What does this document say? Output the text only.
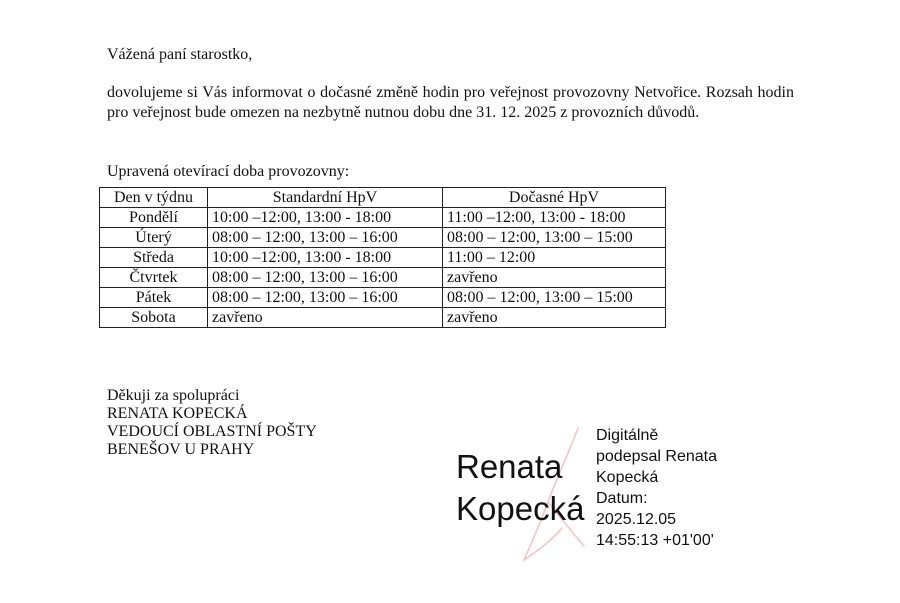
Vážená paní starostko,

dovolujeme si Vás informovat o dočasné změně hodin pro veřejnost provozovny Netvořice. Rozsah hodin pro veřejnost bude omezen na nezbytně nutnou dobu dne 31. 12. 2025 z provozních důvodů.

Upravená otevírací doba provozovny:

Den v týdnu	Standardní HpV	Dočasné HpV
Pondělí	10:00 –12:00, 13:00 - 18:00	11:00 –12:00, 13:00 - 18:00
Úterý	08:00 – 12:00, 13:00 – 16:00	08:00 – 12:00, 13:00 – 15:00
Středa	10:00 –12:00, 13:00 - 18:00	11:00 – 12:00
Čtvrtek	08:00 – 12:00, 13:00 – 16:00	zavřeno
Pátek	08:00 – 12:00, 13:00 – 16:00	08:00 – 12:00, 13:00 – 15:00
Sobota	zavřeno	zavřeno
Děkuji za spolupráci
RENATA KOPECKÁ
VEDOUCÍ OBLASTNÍ POŠTY
BENEŠOV U PRAHY	Renata
Kopecká
Digitálně
podepsal Renata
Kopecká
Datum:
2025.12.05
14:55:13 +01'00'
